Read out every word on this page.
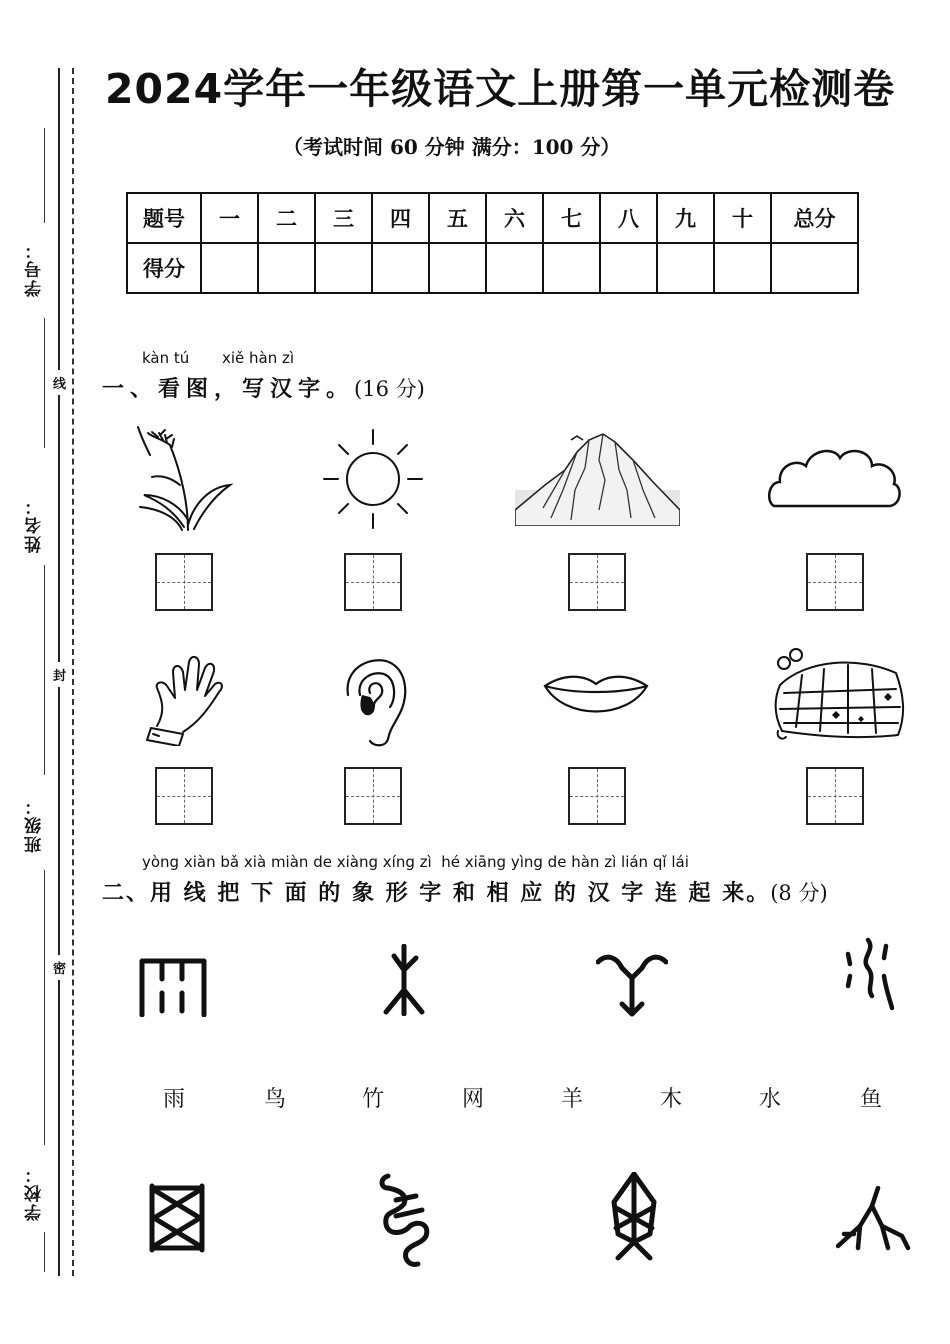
学号：
姓名：
班级：
学校：
线
封
密
2024学年一年级语文上册第一单元检测卷
（考试时间 60 分钟 满分：100 分）
题号	一	二	三	四	五	六	七	八	九	十	总分
得分											
kàn tú xiě hàn zì
一、看图，写汉字。(16 分)
yòng xiàn bǎ xià miàn de xiàng xíng zì hé xiāng yìng de hàn zì lián qǐ lái
二、用 线 把 下 面 的 象 形 字 和 相 应 的 汉 字 连 起 来。(8 分)
雨	鸟	竹	网	羊	木	水	鱼
